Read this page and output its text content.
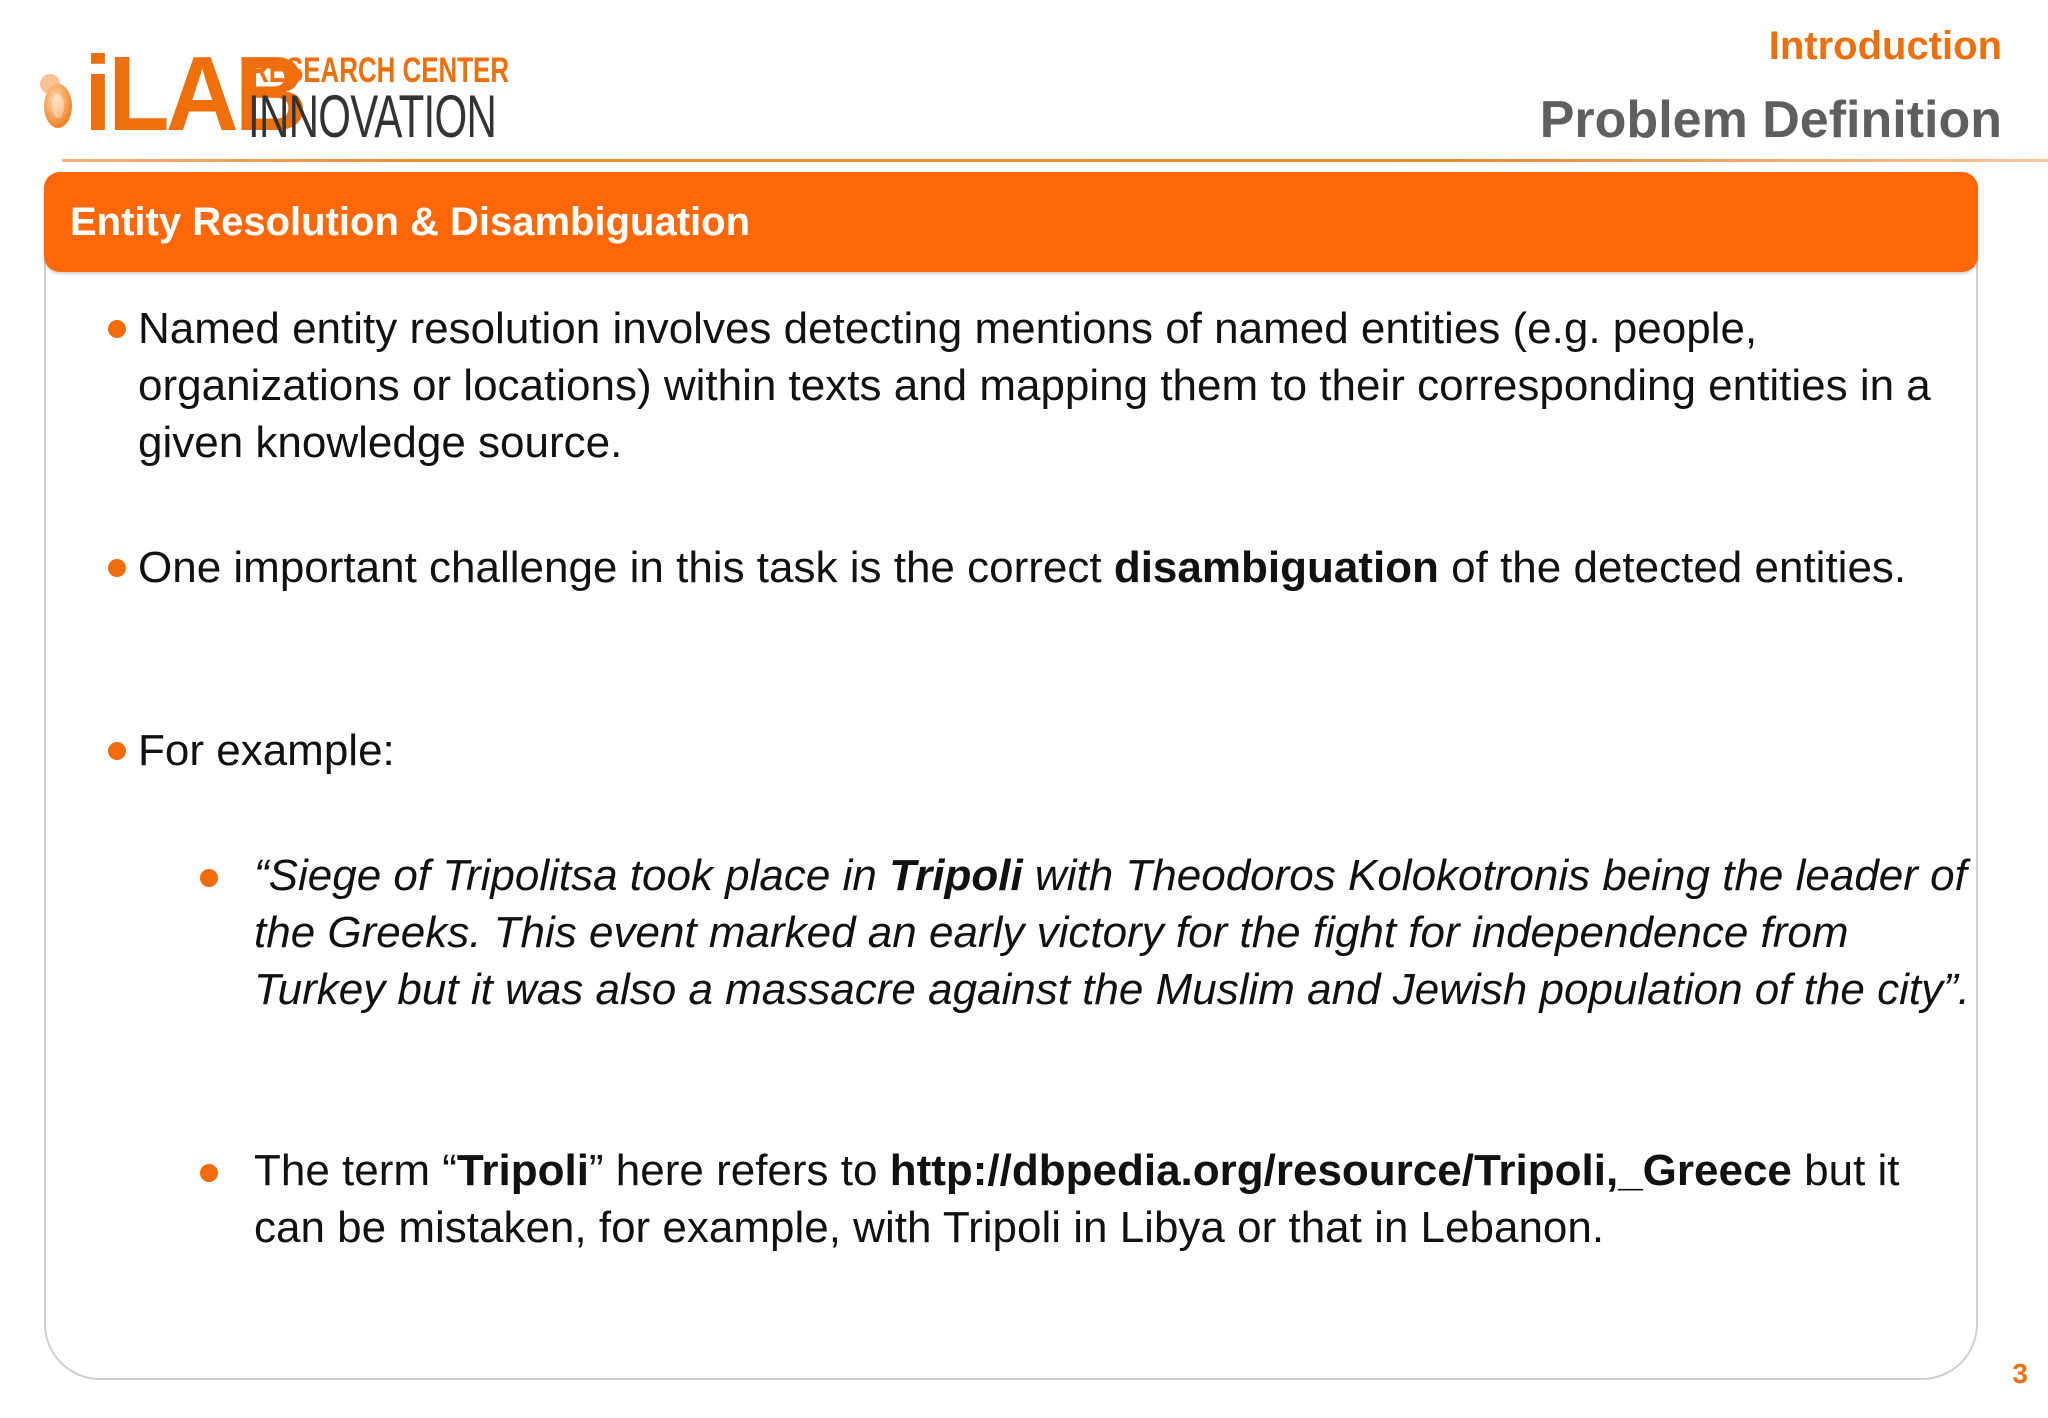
iLAB
RESEARCH CENTER
INNOVATION
Introduction
Problem Definition
Entity Resolution & Disambiguation
Named entity resolution involves detecting mentions of named entities (e.g. people, organizations or locations) within texts and mapping them to their corresponding entities in a given knowledge source.
One important challenge in this task is the correct disambiguation of the detected entities.
For example:
“Siege of Tripolitsa took place in Tripoli with Theodoros Kolokotronis being the leader of the Greeks. This event marked an early victory for the fight for independence from Turkey but it was also a massacre against the Muslim and Jewish population of the city”.
The term “Tripoli” here refers to http://dbpedia.org/resource/Tripoli,_Greece but it can be mistaken, for example, with Tripoli in Libya or that in Lebanon.
3
